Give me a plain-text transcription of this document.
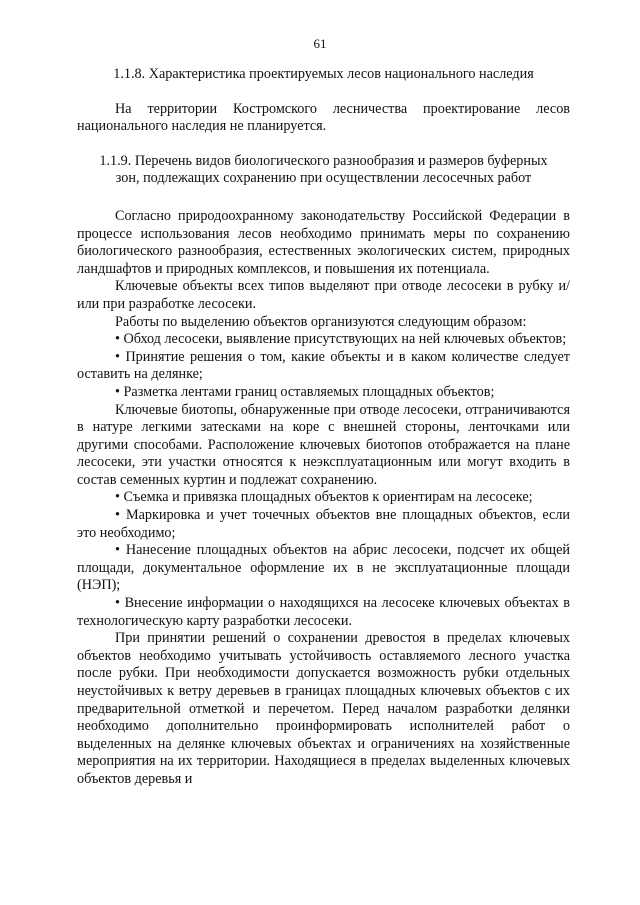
61

1.1.8. Характеристика проектируемых лесов национального наследия

На территории Костромского лесничества проектирование лесов национального наследия не планируется.

1.1.9. Перечень видов биологического разнообразия и размеров буферных
зон, подлежащих сохранению при осуществлении лесосечных работ

Согласно природоохранному законодательству Российской Федерации в процессе использования лесов необходимо принимать меры по сохранению биологического разнообразия, естественных экологических систем, природных ландшафтов и природных комплексов, и повышения их потенциала.

Ключевые объекты всех типов выделяют при отводе лесосеки в рубку и/или при разработке лесосеки.

Работы по выделению объектов организуются следующим образом:

• Обход лесосеки, выявление присутствующих на ней ключевых объектов;

• Принятие решения о том, какие объекты и в каком количестве следует оставить на делянке;

• Разметка лентами границ оставляемых площадных объектов;

Ключевые биотопы, обнаруженные при отводе лесосеки, отграничиваются в натуре легкими затесками на коре с внешней стороны, ленточками или другими способами. Расположение ключевых биотопов отображается на плане лесосеки, эти участки относятся к неэксплуатационным или могут входить в состав семенных куртин и подлежат сохранению.

• Съемка и привязка площадных объектов к ориентирам на лесосеке;

• Маркировка и учет точечных объектов вне площадных объектов, если это необходимо;

• Нанесение площадных объектов на абрис лесосеки, подсчет их общей площади, документальное оформление их в не эксплуатационные площади (НЭП);

• Внесение информации о находящихся на лесосеке ключевых объектах в технологическую карту разработки лесосеки.

При принятии решений о сохранении древостоя в пределах ключевых объектов необходимо учитывать устойчивость оставляемого лесного участка после рубки. При необходимости допускается возможность рубки отдельных неустойчивых к ветру деревьев в границах площадных ключевых объектов с их предварительной отметкой и перечетом. Перед началом разработки делянки необходимо дополнительно проинформировать исполнителей работ о выделенных на делянке ключевых объектах и ограничениях на хозяйственные мероприятия на их территории. Находящиеся в пределах выделенных ключевых объектов деревья и
